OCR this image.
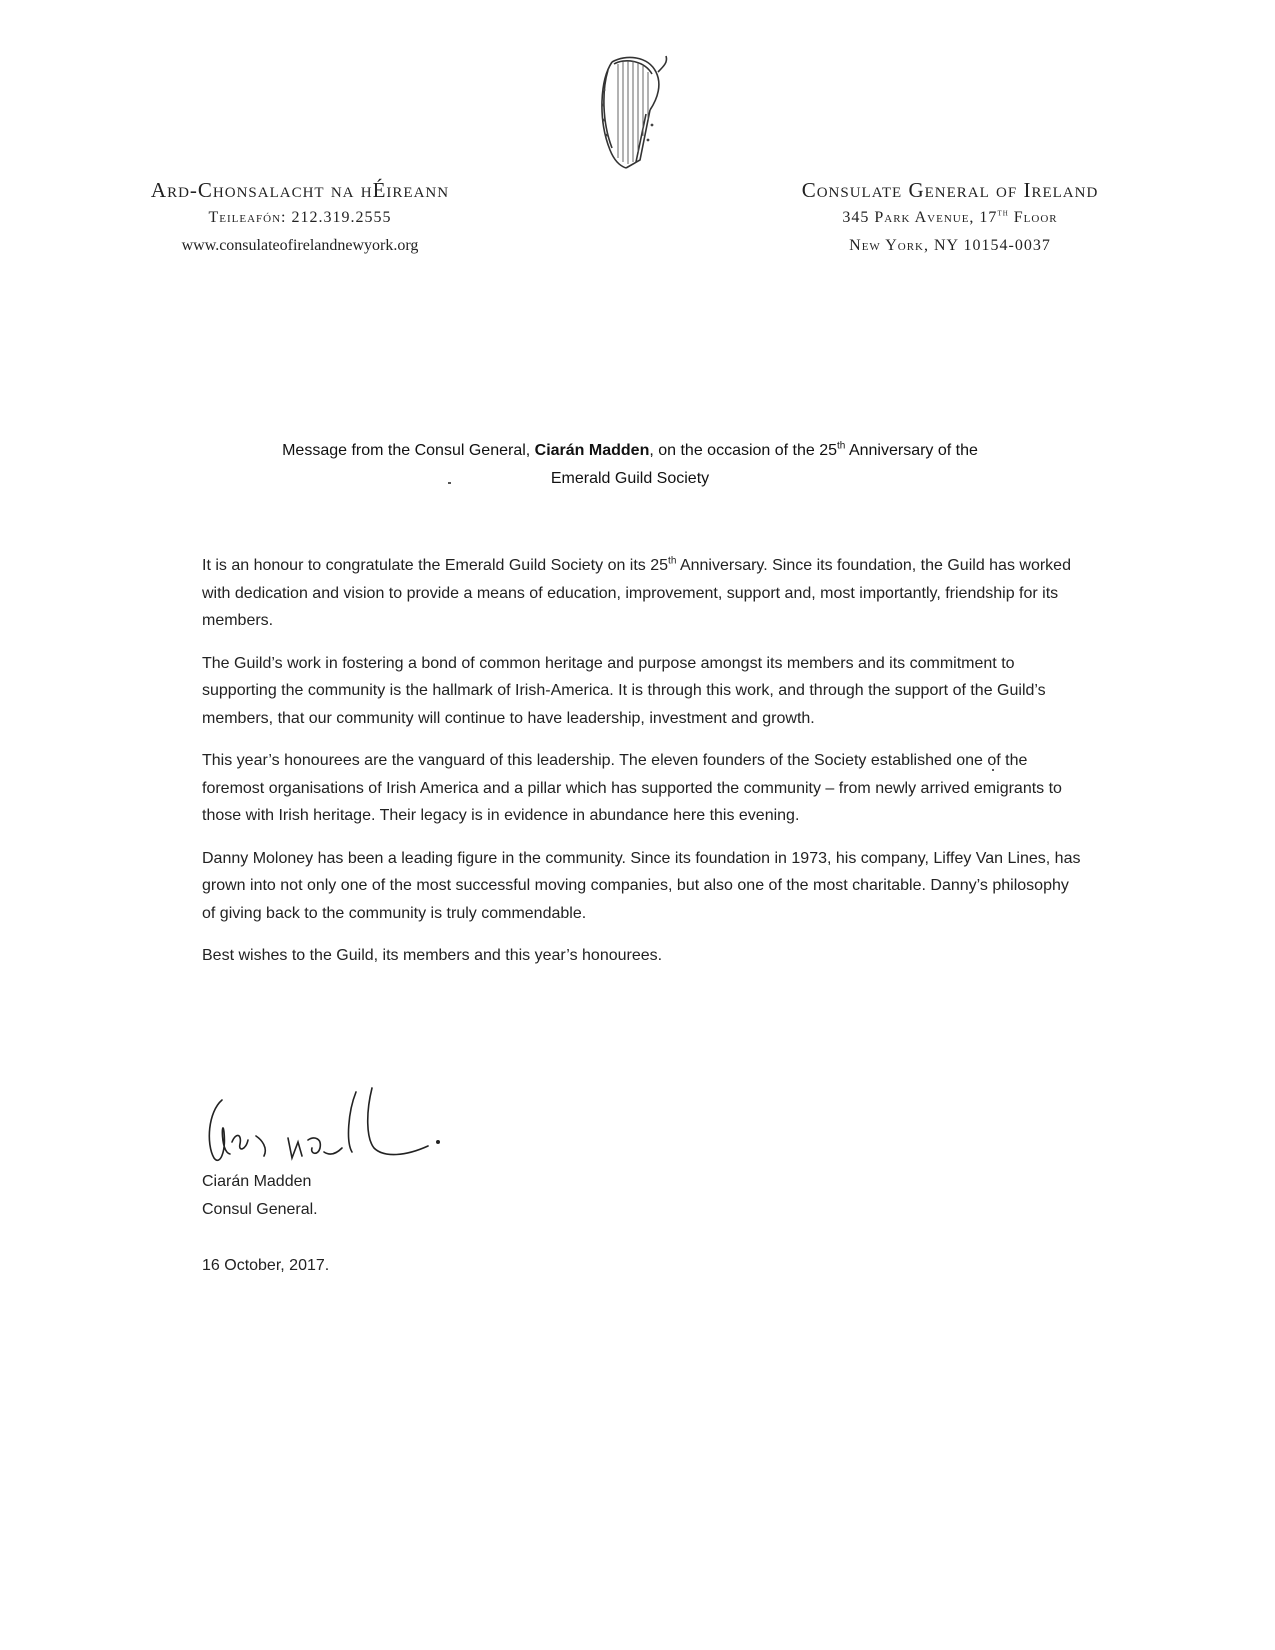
Ard-Chonsalacht na hÉireann
Teileafón: 212.319.2555
www.consulateofirelandnewyork.org
Consulate General of Ireland
345 Park Avenue, 17th Floor
New York, NY 10154-0037
Message from the Consul General, Ciarán Madden, on the occasion of the 25th Anniversary of the
Emerald Guild Society

It is an honour to congratulate the Emerald Guild Society on its 25th Anniversary. Since its foundation, the Guild has worked with dedication and vision to provide a means of education, improvement, support and, most importantly, friendship for its members.

The Guild’s work in fostering a bond of common heritage and purpose amongst its members and its commitment to supporting the community is the hallmark of Irish-America. It is through this work, and through the support of the Guild’s members, that our community will continue to have leadership, investment and growth.

This year’s honourees are the vanguard of this leadership. The eleven founders of the Society established one of the foremost organisations of Irish America and a pillar which has supported the community – from newly arrived emigrants to those with Irish heritage. Their legacy is in evidence in abundance here this evening.

Danny Moloney has been a leading figure in the community. Since its foundation in 1973, his company, Liffey Van Lines, has grown into not only one of the most successful moving companies, but also one of the most charitable. Danny’s philosophy of giving back to the community is truly commendable.

Best wishes to the Guild, its members and this year’s honourees.

Ciarán Madden
Consul General.
16 October, 2017.
